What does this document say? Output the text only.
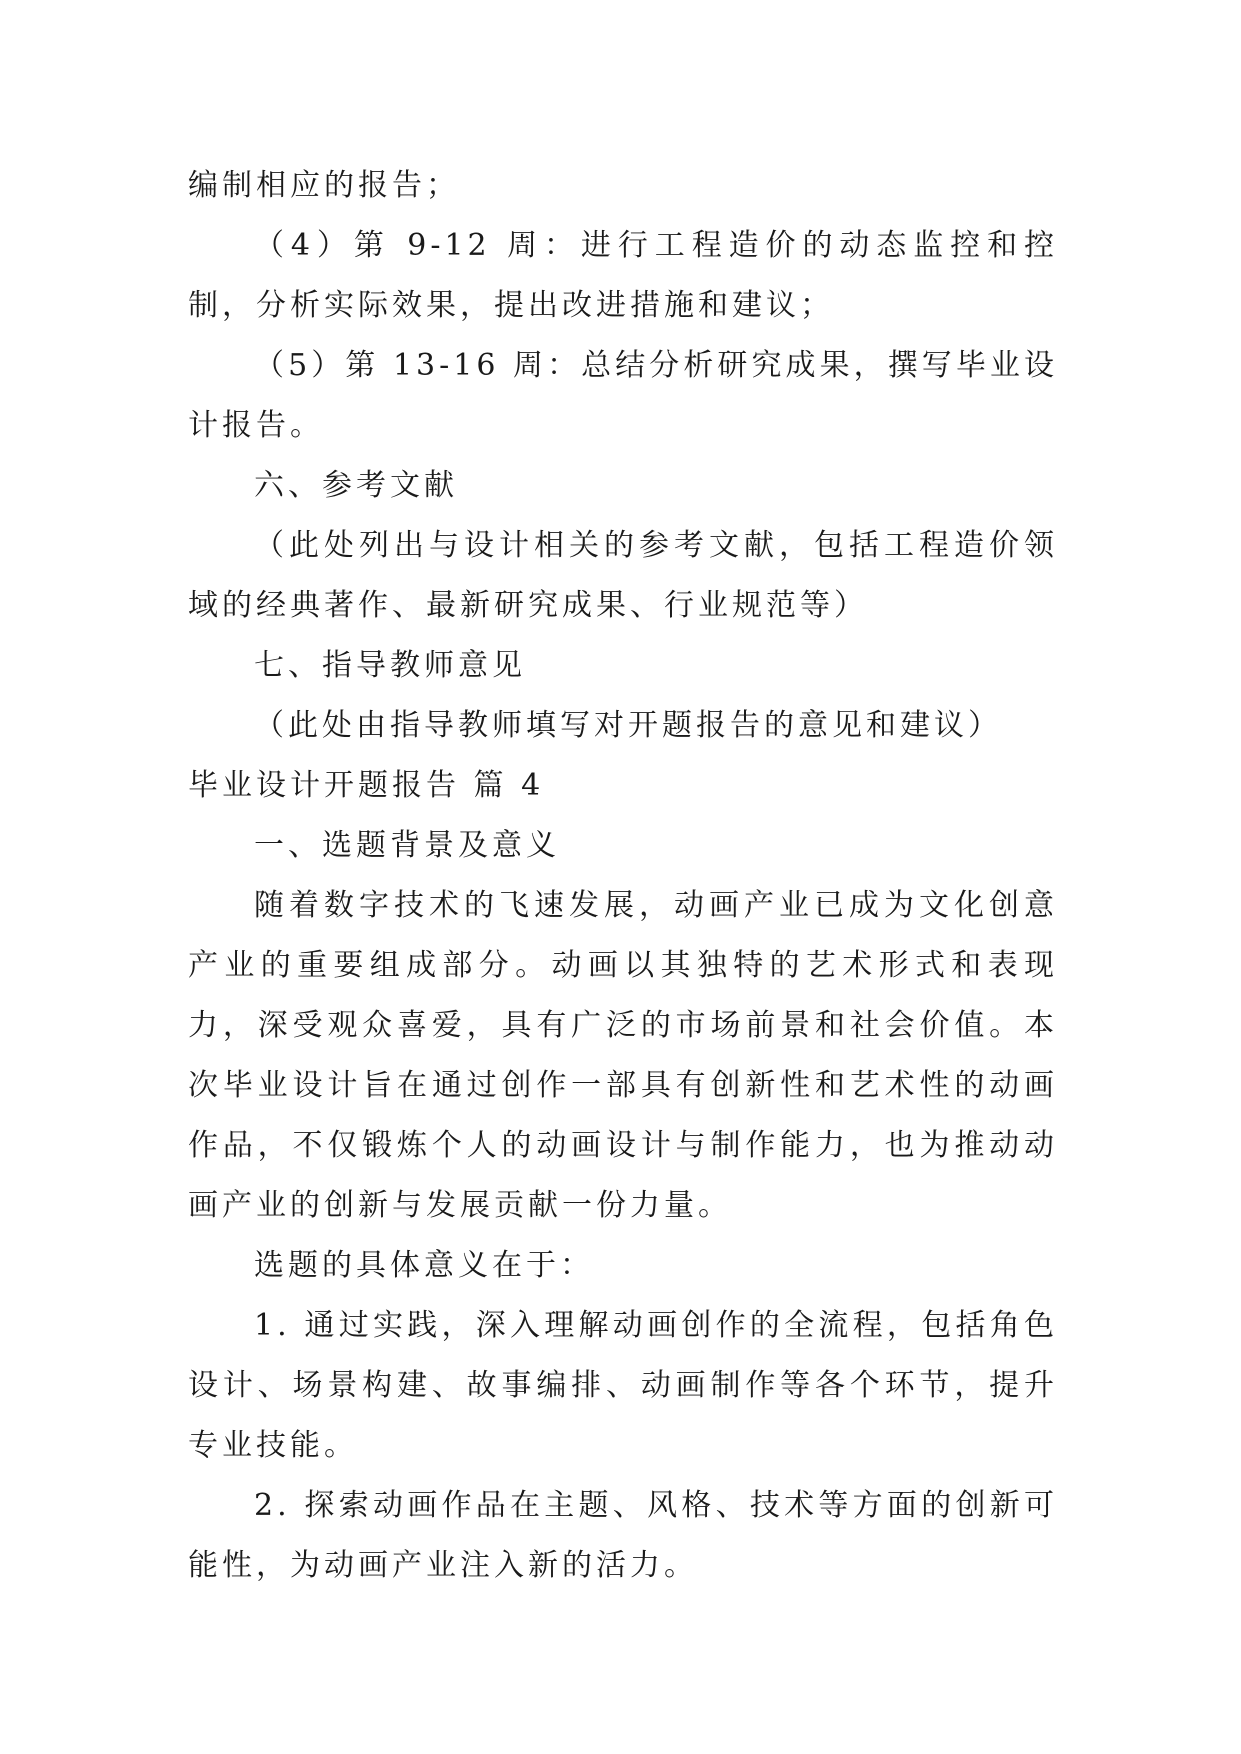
编制相应的报告；

（4）第 9-12 周：进行工程造价的动态监控和控制，分析实际效果，提出改进措施和建议；

（5）第 13-16 周：总结分析研究成果，撰写毕业设计报告。

六、参考文献

（此处列出与设计相关的参考文献，包括工程造价领域的经典著作、最新研究成果、行业规范等）

七、指导教师意见

（此处由指导教师填写对开题报告的意见和建议）

毕业设计开题报告 篇 4

一、选题背景及意义

随着数字技术的飞速发展，动画产业已成为文化创意产业的重要组成部分。动画以其独特的艺术形式和表现力，深受观众喜爱，具有广泛的市场前景和社会价值。本次毕业设计旨在通过创作一部具有创新性和艺术性的动画作品，不仅锻炼个人的动画设计与制作能力，也为推动动画产业的创新与发展贡献一份力量。

选题的具体意义在于：

1. 通过实践，深入理解动画创作的全流程，包括角色设计、场景构建、故事编排、动画制作等各个环节，提升专业技能。

2. 探索动画作品在主题、风格、技术等方面的创新可能性，为动画产业注入新的活力。
